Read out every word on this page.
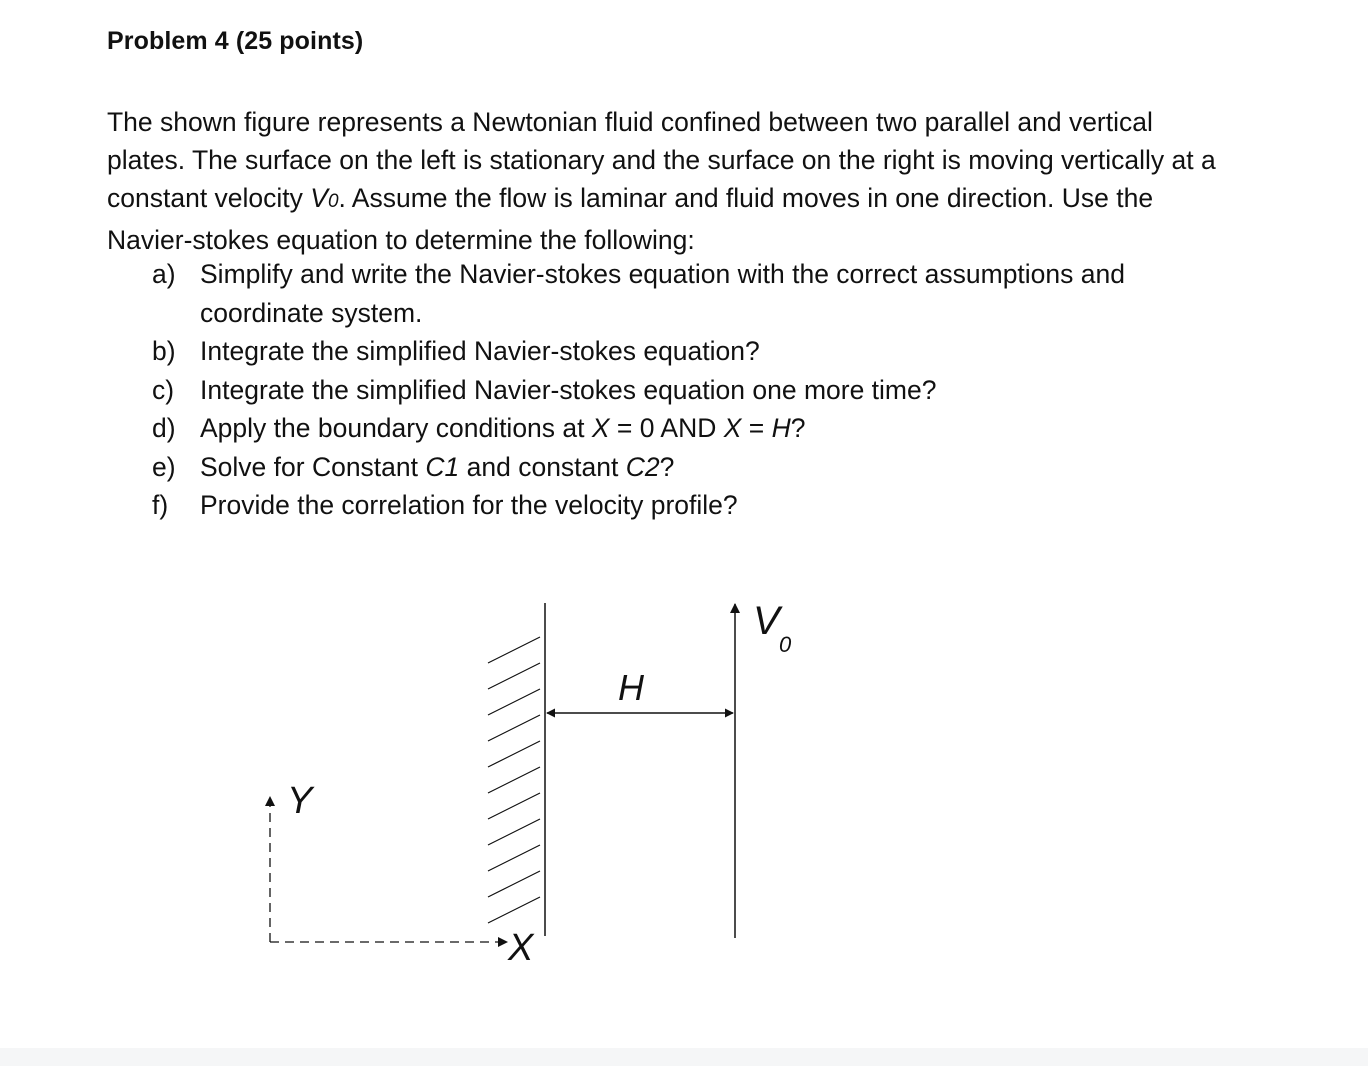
Problem 4 (25 points)
The shown figure represents a Newtonian fluid confined between two parallel and vertical
plates. The surface on the left is stationary and the surface on the right is moving vertically at a
constant velocity V0. Assume the flow is laminar and fluid moves in one direction. Use the
Navier-stokes equation to determine the following:
a) Simplify and write the Navier-stokes equation with the correct assumptions and coordinate system.
b) Integrate the simplified Navier-stokes equation?
c) Integrate the simplified Navier-stokes equation one more time?
d) Apply the boundary conditions at X = 0 AND X = H?
e) Solve for Constant C1 and constant C2?
f)	Provide the correlation for the velocity profile?
H
V
0
Y
X
